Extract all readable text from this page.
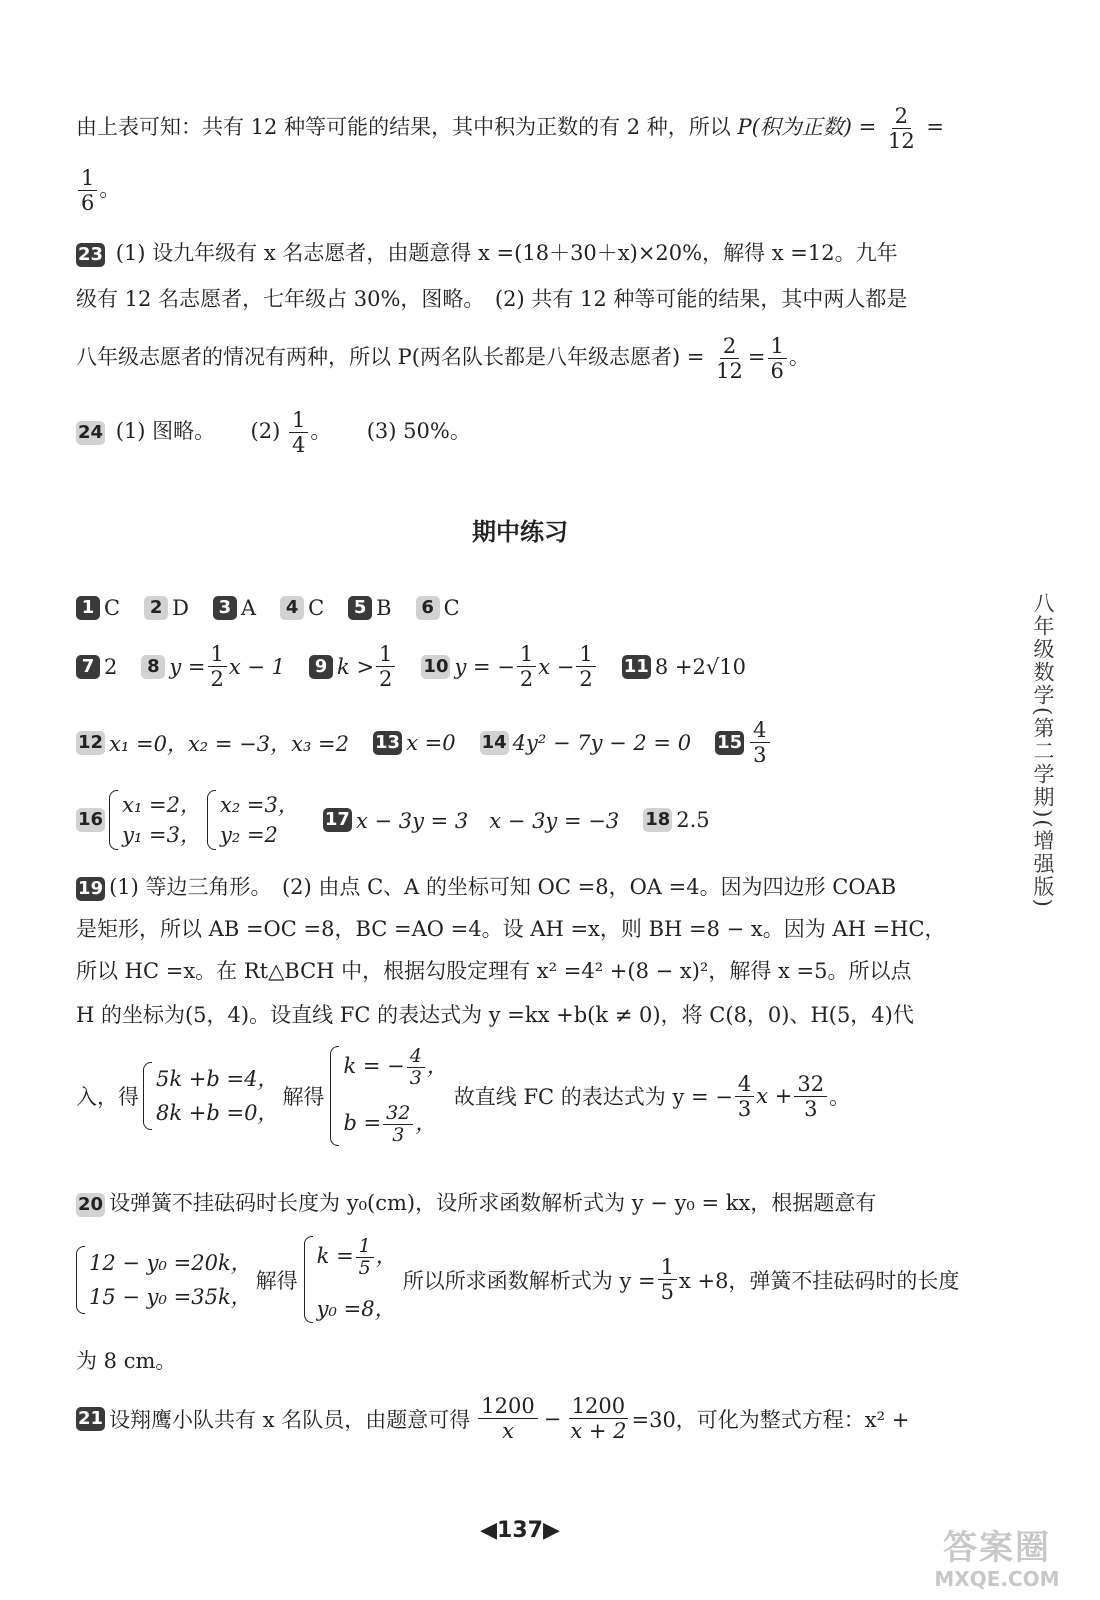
由上表可知：共有 12 种等可能的结果，其中积为正数的有 2 种，所以 P(积为正数) = $\frac{2}{12}$ =
$\frac{1}{6}$ 。
23 (1) 设九年级有 x 名志愿者，由题意得 x =(18＋30＋x)×20%，解得 x =12。九年
级有 12 名志愿者，七年级占 30%，图略。　(2) 共有 12 种等可能的结果，其中两人都是
八年级志愿者的情况有两种，所以 P(两名队长都是八年级志愿者) = $\frac{2}{12} = \frac{1}{6}$ 。
24 (1) 图略。 $(2) \frac{1}{4}$ 。 (3) 50%。
期中练习
1 C	2 D	3 A	4 C	5 B	6 C
7 2	8 $y = \frac{1}{2}$ x − 1	9 $k > \frac{1}{2} 10$ y = − $\frac{1}{2}$ $x - \frac{1}{2} 11$ 8 +2√10
12 x₁ =0，x₂ = −3，x₃ =2 13 x =0 14 4y² − 7y − 2 = 0 $15 \frac{4}{3}$
16
x₁ =2，
y₁ =3，
x₂ =3，
y₂ =2
17 x − 3y = 3　x − 3y = −3 18 2.5
19 (1) 等边三角形。　(2) 由点 C、A 的坐标可知 OC =8，OA =4。因为四边形 COAB
是矩形，所以 AB =OC =8，BC =AO =4。设 AH =x，则 BH =8 − x。因为 AH =HC，
所以 HC =x。在 Rt△BCH 中，根据勾股定理有 x² =4² +(8 − x)²，解得 x =5。所以点
H 的坐标为(5，4)。设直线 FC 的表达式为 y =kx +b(k ≠ 0)，将 C(8，0)、H(5，4)代
入，得
5k +b =4，
8k +b =0，
解得
k = − $\frac{4}{3}$ ，
$b = \frac{32}{3}$ ，
故直线 FC 的表达式为 y = − $\frac{4}{3}$ $x + \frac{32}{3}$ 。
20 设弹簧不挂砝码时长度为 y₀(cm)，设所求函数解析式为 y − y₀ = kx，根据题意有
12 − y₀ =20k，
15 − y₀ =35k，
解得
$k = \frac{1}{5}$ ，
y₀ =8，
所以所求函数解析式为 $y = \frac{1}{5}$ x +8，弹簧不挂砝码时的长度
为 8 cm。
21 设翔鹰小队共有 x 名队员，由题意可得 $\frac{1200}{x} - \frac{1200}{x + 2} =30$，可化为整式方程：x² +
八年级数学(第二学期)(增强版)
◀137▶	答案圈
MXQE.COM
